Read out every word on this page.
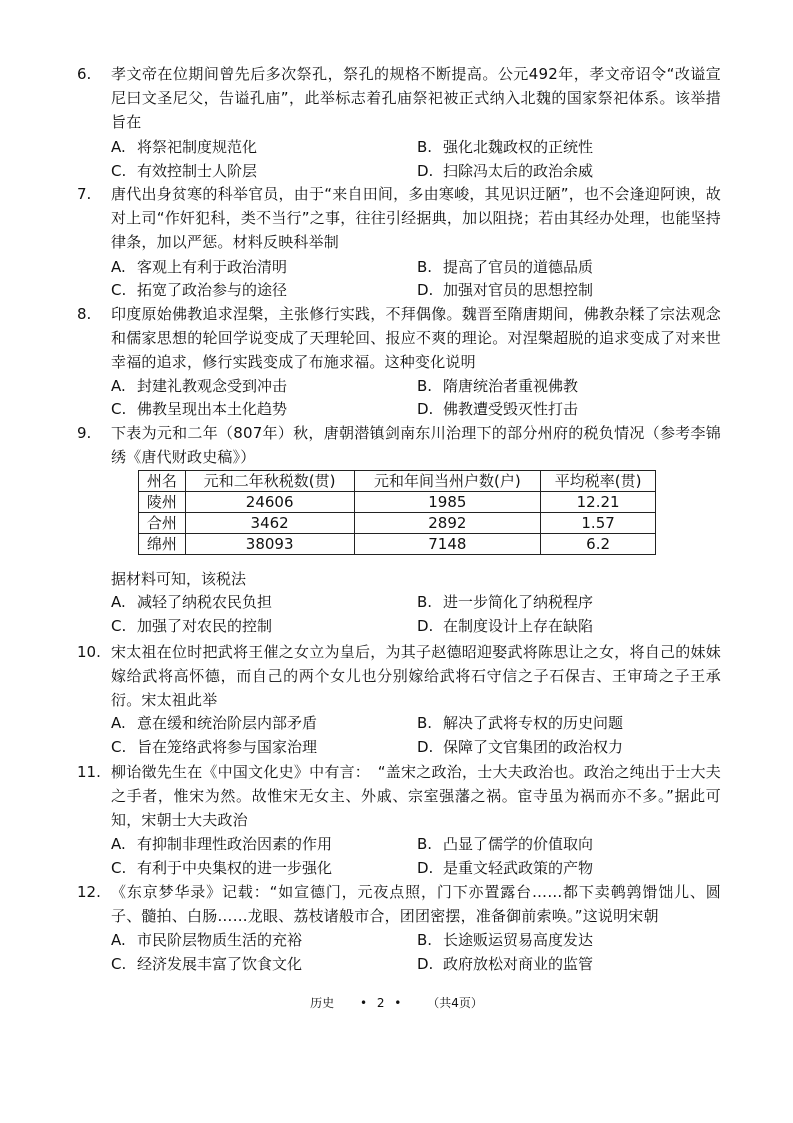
6. 孝文帝在位期间曾先后多次祭孔，祭孔的规格不断提高。公元492年，孝文帝诏令“改谥宣尼曰文圣尼父，告谥孔庙”，此举标志着孔庙祭祀被正式纳入北魏的国家祭祀体系。该举措旨在
A. 将祭祀制度规范化	B. 强化北魏政权的正统性
C. 有效控制士人阶层	D. 扫除冯太后的政治余威
7. 唐代出身贫寒的科举官员，由于“来自田间，多由寒峻，其见识迂陋”，也不会逢迎阿谀，故对上司“作奸犯科，类不当行”之事，往往引经据典，加以阻挠；若由其经办处理，也能坚持律条，加以严惩。材料反映科举制
A. 客观上有利于政治清明	B. 提高了官员的道德品质
C. 拓宽了政治参与的途径	D. 加强对官员的思想控制
8. 印度原始佛教追求涅槃，主张修行实践，不拜偶像。魏晋至隋唐期间，佛教杂糅了宗法观念和儒家思想的轮回学说变成了天理轮回、报应不爽的理论。对涅槃超脱的追求变成了对来世幸福的追求，修行实践变成了布施求福。这种变化说明
A. 封建礼教观念受到冲击	B. 隋唐统治者重视佛教
C. 佛教呈现出本土化趋势	D. 佛教遭受毁灭性打击
9. 下表为元和二年（807年）秋，唐朝潜镇剑南东川治理下的部分州府的税负情况（参考李锦绣《唐代财政史稿》）
州名	元和二年秋税数(贯)	元和年间当州户数(户)	平均税率(贯)
陵州	24606	1985	12.21
合州	3462	2892	1.57
绵州	38093	7148	6.2
据材料可知，该税法
A. 减轻了纳税农民负担	B. 进一步简化了纳税程序
C. 加强了对农民的控制	D. 在制度设计上存在缺陷
10. 宋太祖在位时把武将王催之女立为皇后，为其子赵德昭迎娶武将陈思让之女，将自己的妹妹嫁给武将高怀德，而自己的两个女儿也分别嫁给武将石守信之子石保吉、王审琦之子王承衍。宋太祖此举
A. 意在缓和统治阶层内部矛盾	B. 解决了武将专权的历史问题
C. 旨在笼络武将参与国家治理	D. 保障了文官集团的政治权力
11. 柳诒徵先生在《中国文化史》中有言：　“盖宋之政治，士大夫政治也。政治之纯出于士大夫之手者，惟宋为然。故惟宋无女主、外戚、宗室强藩之祸。宦寺虽为祸而亦不多。”据此可知，宋朝士大夫政治
A. 有抑制非理性政治因素的作用	B. 凸显了儒学的价值取向
C. 有利于中央集权的进一步强化	D. 是重文轻武政策的产物
12. 《东京梦华录》记载：“如宣德门，元夜点照，门下亦置露台……都下卖鹌鹑馉饳儿、圆子、髓拍、白肠……龙眼、荔枝诸般市合，团团密摆，准备御前索唤。”这说明宋朝
A. 市民阶层物质生活的充裕	B. 长途贩运贸易高度发达
C. 经济发展丰富了饮食文化	D. 政府放松对商业的监管
历史 • 2 • （共4页）
